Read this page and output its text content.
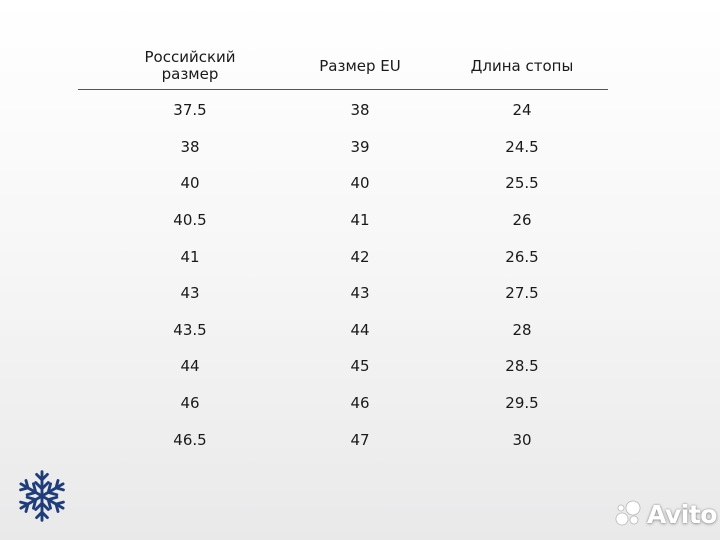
Российский размер	Размер EU	Длина стопы
37.5	38	24
38	39	24.5
40	40	25.5
40.5	41	26
41	42	26.5
43	43	27.5
43.5	44	28
44	45	28.5
46	46	29.5
46.5	47	30
Avito
